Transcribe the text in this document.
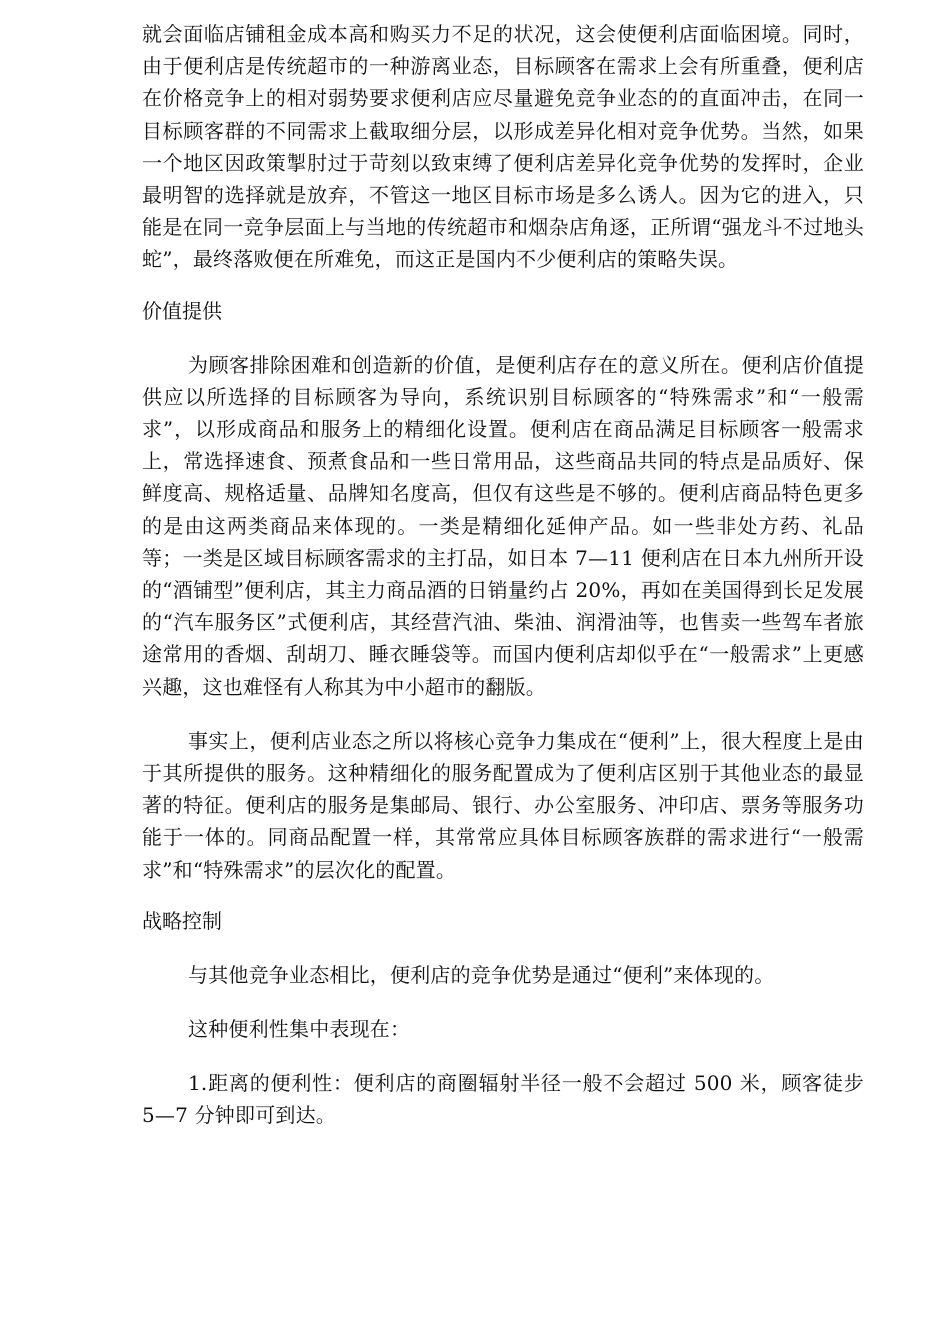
就会面临店铺租金成本高和购买力不足的状况，这会使便利店面临困境。同时，由于便利店是传统超市的一种游离业态，目标顾客在需求上会有所重叠，便利店在价格竞争上的相对弱势要求便利店应尽量避免竞争业态的的直面冲击，在同一目标顾客群的不同需求上截取细分层，以形成差异化相对竞争优势。当然，如果一个地区因政策掣肘过于苛刻以致束缚了便利店差异化竞争优势的发挥时，企业最明智的选择就是放弃，不管这一地区目标市场是多么诱人。因为它的进入，只能是在同一竞争层面上与当地的传统超市和烟杂店角逐，正所谓“强龙斗不过地头蛇”，最终落败便在所难免，而这正是国内不少便利店的策略失误。

价值提供

为顾客排除困难和创造新的价值，是便利店存在的意义所在。便利店价值提供应以所选择的目标顾客为导向，系统识别目标顾客的“特殊需求”和“一般需求”，以形成商品和服务上的精细化设置。便利店在商品满足目标顾客一般需求上，常选择速食、预煮食品和一些日常用品，这些商品共同的特点是品质好、保鲜度高、规格适量、品牌知名度高，但仅有这些是不够的。便利店商品特色更多的是由这两类商品来体现的。一类是精细化延伸产品。如一些非处方药、礼品等；一类是区域目标顾客需求的主打品，如日本 7—11 便利店在日本九州所开设的“酒铺型”便利店，其主力商品酒的日销量约占 20%，再如在美国得到长足发展的“汽车服务区”式便利店，其经营汽油、柴油、润滑油等，也售卖一些驾车者旅途常用的香烟、刮胡刀、睡衣睡袋等。而国内便利店却似乎在“一般需求”上更感兴趣，这也难怪有人称其为中小超市的翻版。

事实上，便利店业态之所以将核心竞争力集成在“便利”上，很大程度上是由于其所提供的服务。这种精细化的服务配置成为了便利店区别于其他业态的最显著的特征。便利店的服务是集邮局、银行、办公室服务、冲印店、票务等服务功能于一体的。同商品配置一样，其常常应具体目标顾客族群的需求进行“一般需求”和“特殊需求”的层次化的配置。

战略控制

与其他竞争业态相比，便利店的竞争优势是通过“便利”来体现的。

这种便利性集中表现在：

1.距离的便利性：便利店的商圈辐射半径一般不会超过 500 米，顾客徒步 5—7 分钟即可到达。
